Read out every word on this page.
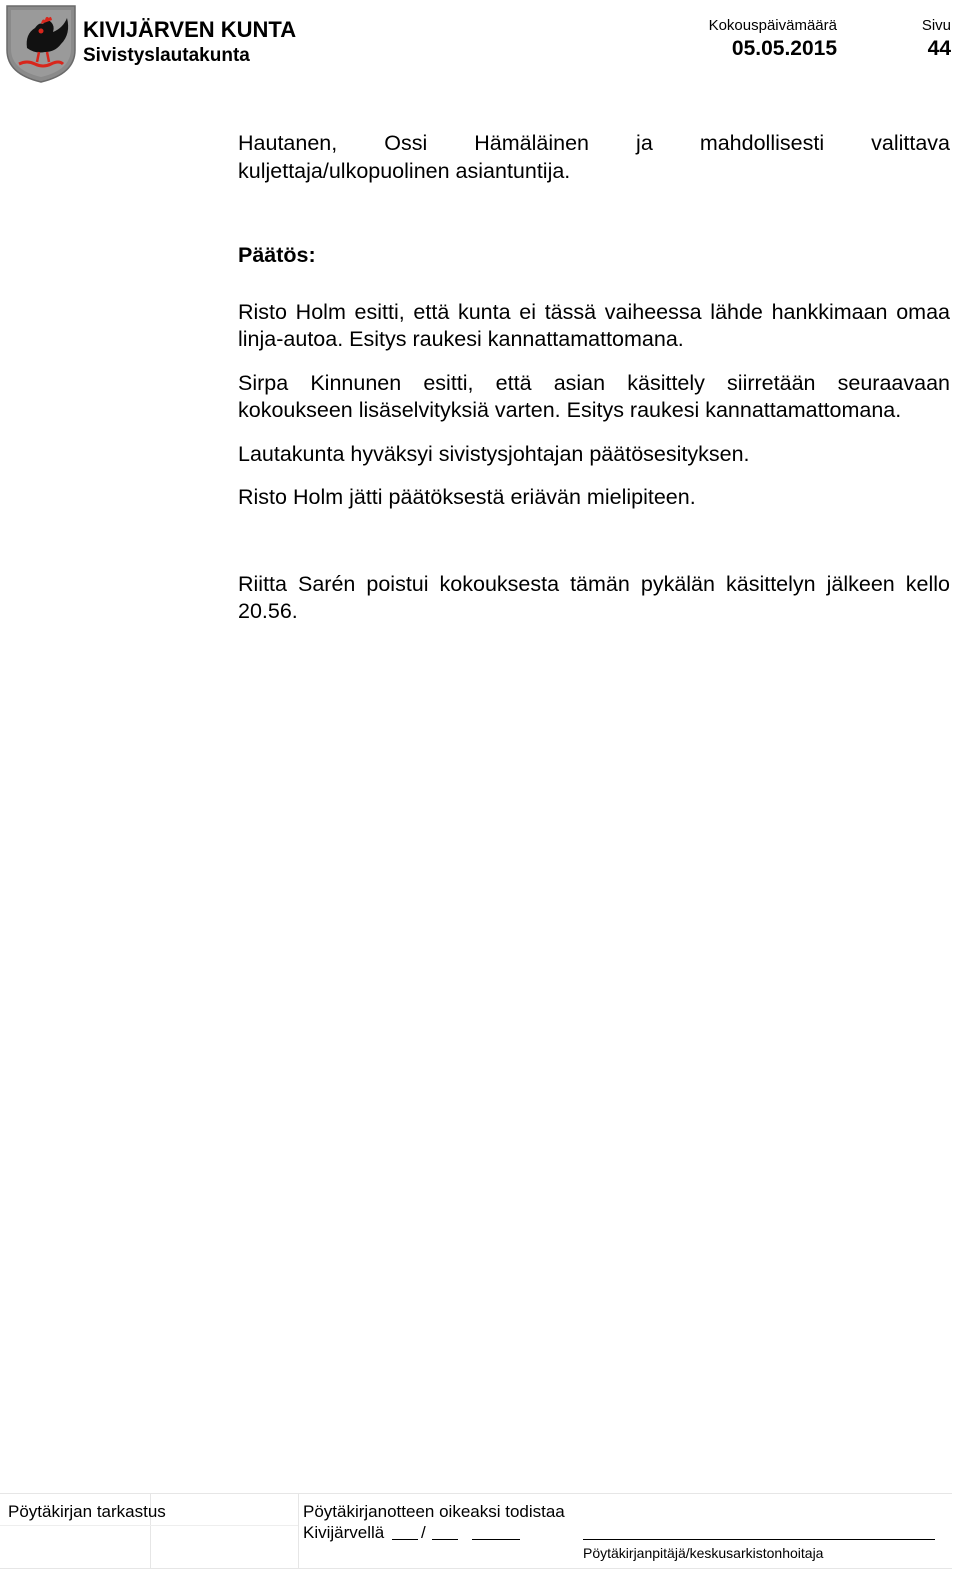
KIVIJÄRVEN KUNTA
Sivistyslautakunta
Kokouspäivämäärä
05.05.2015
Sivu
44

Hautanen, Ossi Hämäläinen ja mahdollisesti valittava kuljettaja/ulkopuolinen asiantuntija.

Päätös:

Risto Holm esitti, että kunta ei tässä vaiheessa lähde hankkimaan omaa linja-autoa. Esitys raukesi kannattamattomana.

Sirpa Kinnunen esitti, että asian käsittely siirretään seuraavaan kokoukseen lisäselvityksiä varten. Esitys raukesi kannattamattomana.

Lautakunta hyväksyi sivistysjohtajan päätösesityksen.

Risto Holm jätti päätöksestä eriävän mielipiteen.

Riitta Sarén poistui kokouksesta tämän pykälän käsittelyn jälkeen kello 20.56.

Pöytäkirjan tarkastus	Pöytäkirjanotteen oikeaksi todistaa
Kivijärvellä /
Pöytäkirjanpitäjä/keskusarkistonhoitaja
